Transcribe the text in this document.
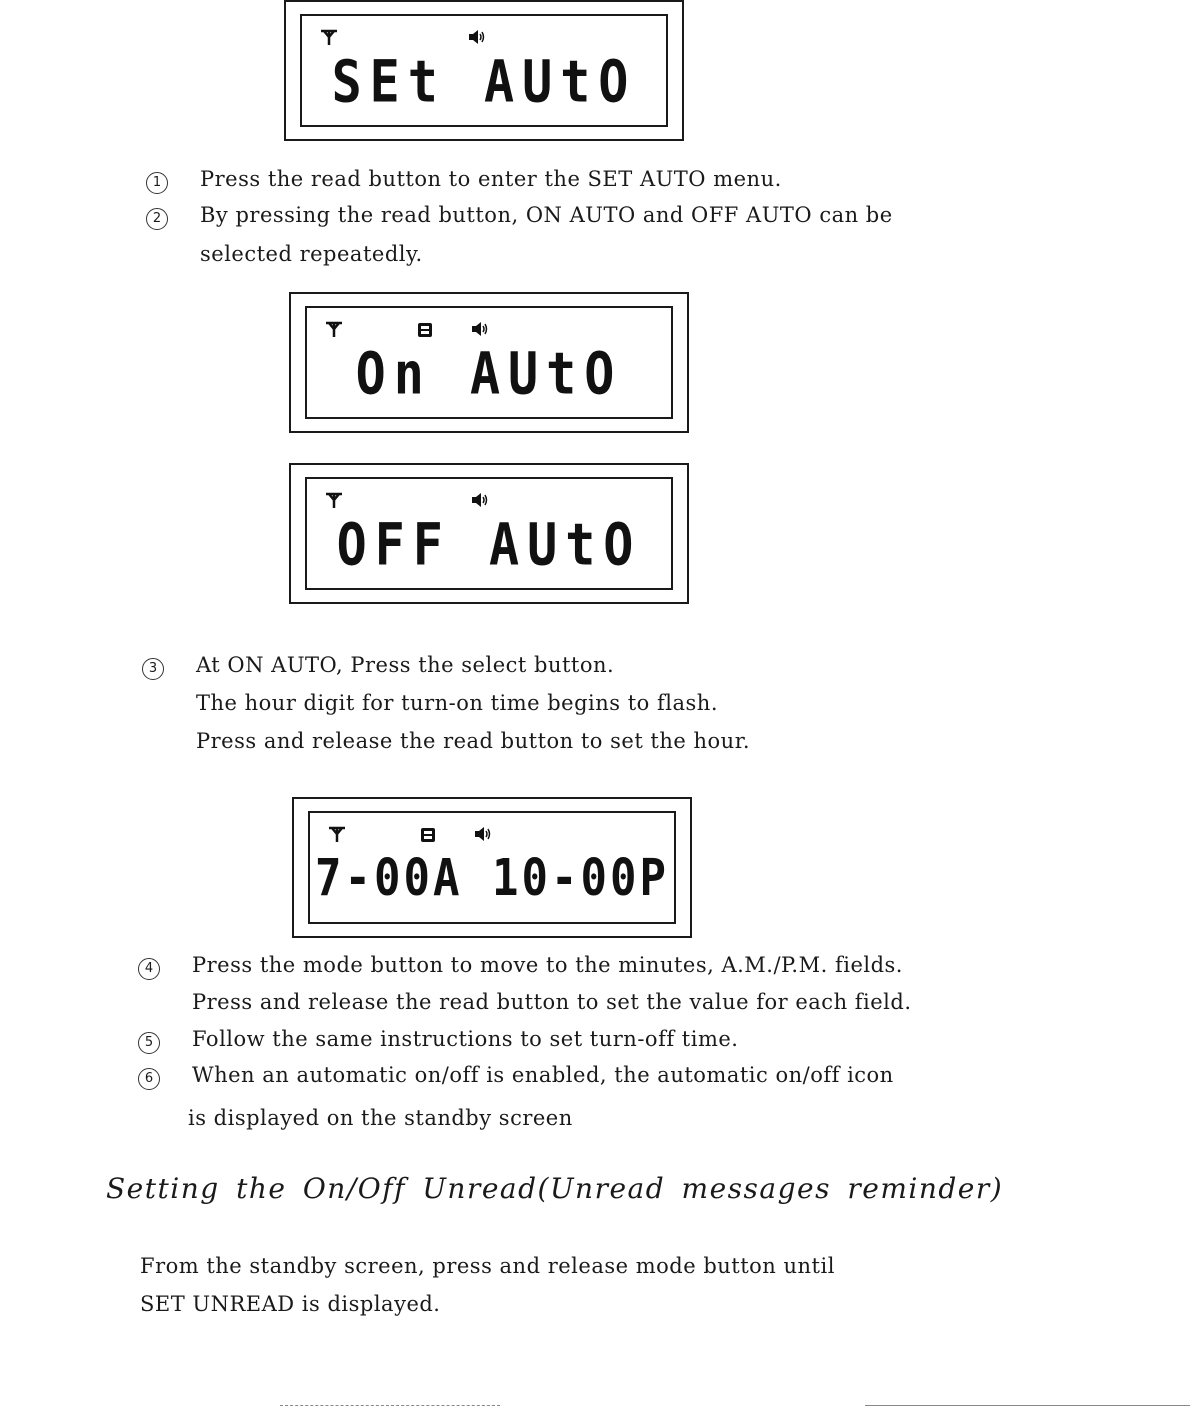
SEt AUtO
1	Press the read button to enter the SET AUTO menu.
2	By pressing the read button, ON AUTO and OFF AUTO can be
selected repeatedly.
On AUtO
OFF AUtO
3	At ON AUTO, Press the select button.
The hour digit for turn-on time begins to flash.
Press and release the read button to set the hour.
7-00A 10-00P
4	Press the mode button to move to the minutes, A.M./P.M. fields.
Press and release the read button to set the value for each field.
5	Follow the same instructions to set turn-off time.
6	When an automatic on/off is enabled, the automatic on/off icon
is displayed on the standby screen
Setting the On/Off Unread(Unread messages reminder)
From the standby screen, press and release mode button until
SET UNREAD is displayed.
